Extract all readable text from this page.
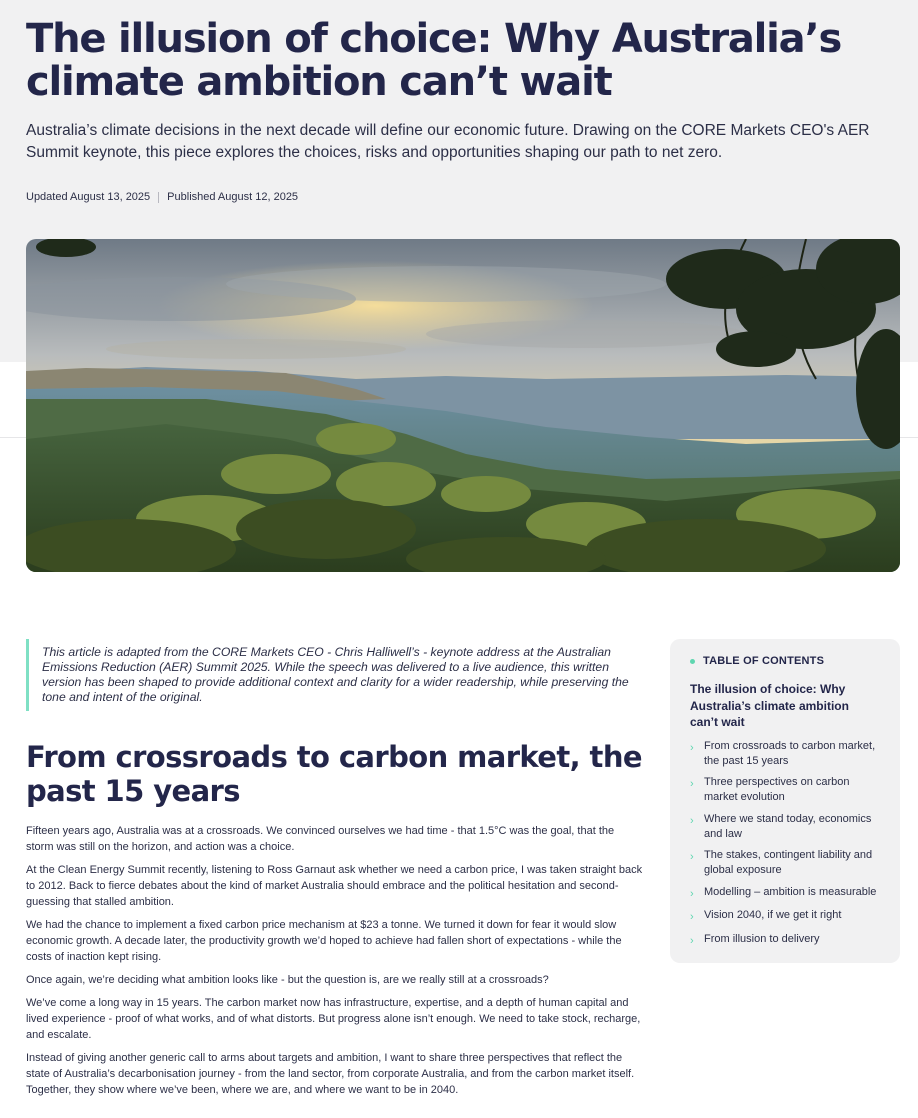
The illusion of choice: Why Australia’s climate ambition can’t wait

Australia’s climate decisions in the next decade will define our economic future. Drawing on the CORE Markets CEO's AER Summit keynote, this piece explores the choices, risks and opportunities shaping our path to net zero.

Updated August 13, 2025 Published August 12, 2025
This article is adapted from the CORE Markets CEO - Chris Halliwell’s - keynote address at the Australian Emissions Reduction (AER) Summit 2025. While the speech was delivered to a live audience, this written version has been shaped to provide additional context and clarity for a wider readership, while preserving the tone and intent of the original.
From crossroads to carbon market, the past 15 years

Fifteen years ago, Australia was at a crossroads. We convinced ourselves we had time - that 1.5°C was the goal, that the storm was still on the horizon, and action was a choice.

At the Clean Energy Summit recently, listening to Ross Garnaut ask whether we need a carbon price, I was taken straight back to 2012. Back to fierce debates about the kind of market Australia should embrace and the political hesitation and second-guessing that stalled ambition.

We had the chance to implement a fixed carbon price mechanism at $23 a tonne. We turned it down for fear it would slow economic growth. A decade later, the productivity growth we’d hoped to achieve had fallen short of expectations - while the costs of inaction kept rising.

Once again, we’re deciding what ambition looks like - but the question is, are we really still at a crossroads?

We’ve come a long way in 15 years. The carbon market now has infrastructure, expertise, and a depth of human capital and lived experience - proof of what works, and of what distorts. But progress alone isn’t enough. We need to take stock, recharge, and escalate.

Instead of giving another generic call to arms about targets and ambition, I want to share three perspectives that reflect the state of Australia’s decarbonisation journey - from the land sector, from corporate Australia, and from the carbon market itself. Together, they show where we’ve been, where we are, and where we want to be in 2040.

TABLE OF CONTENTS
The illusion of choice: Why Australia’s climate ambition can’t wait
› From crossroads to carbon market, the past 15 years
› Three perspectives on carbon market evolution
› Where we stand today, economics and law
› The stakes, contingent liability and global exposure
› Modelling – ambition is measurable
› Vision 2040, if we get it right
› From illusion to delivery
